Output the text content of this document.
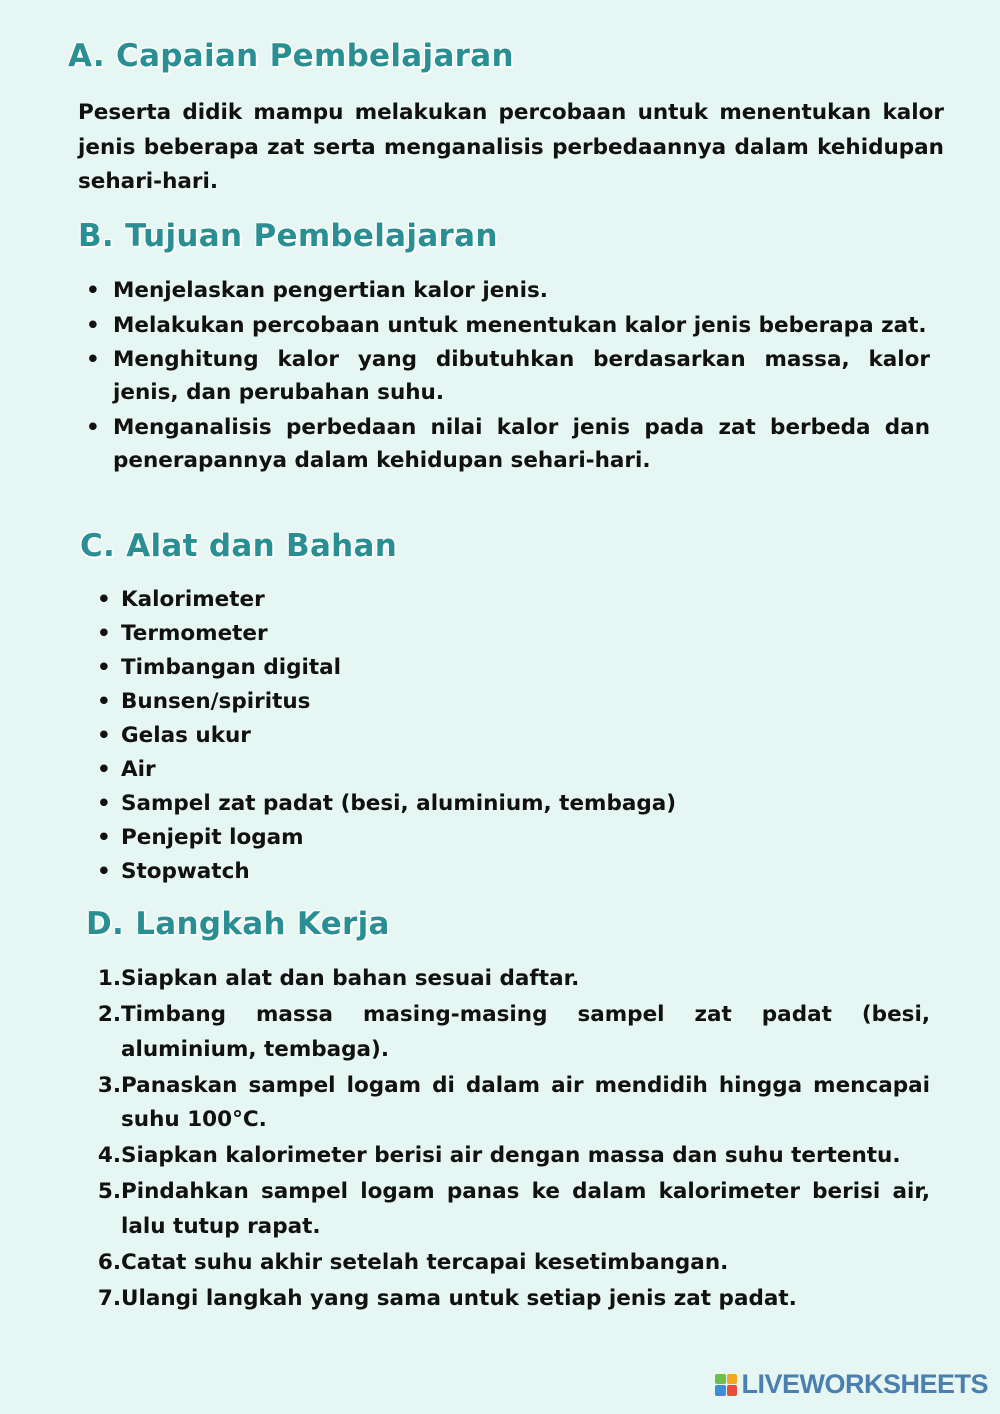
A. Capaian Pembelajaran

Peserta didik mampu melakukan percobaan untuk menentukan kalor jenis beberapa zat serta menganalisis perbedaannya dalam kehidupan sehari-hari.

B. Tujuan Pembelajaran
• Menjelaskan pengertian kalor jenis.
• Melakukan percobaan untuk menentukan kalor jenis beberapa zat.
• Menghitung kalor yang dibutuhkan berdasarkan massa, kalor jenis, dan perubahan suhu.
• Menganalisis perbedaan nilai kalor jenis pada zat berbeda dan penerapannya dalam kehidupan sehari-hari.
C. Alat dan Bahan
• Kalorimeter
• Termometer
• Timbangan digital
• Bunsen/spiritus
• Gelas ukur
• Air
• Sampel zat padat (besi, aluminium, tembaga)
• Penjepit logam
• Stopwatch
D. Langkah Kerja
1. Siapkan alat dan bahan sesuai daftar.
2. Timbang massa masing-masing sampel zat padat (besi, aluminium, tembaga).
3. Panaskan sampel logam di dalam air mendidih hingga mencapai suhu 100°C.
4. Siapkan kalorimeter berisi air dengan massa dan suhu tertentu.
5. Pindahkan sampel logam panas ke dalam kalorimeter berisi air, lalu tutup rapat.
6. Catat suhu akhir setelah tercapai kesetimbangan.
7. Ulangi langkah yang sama untuk setiap jenis zat padat.
LIVEWORKSHEETS
